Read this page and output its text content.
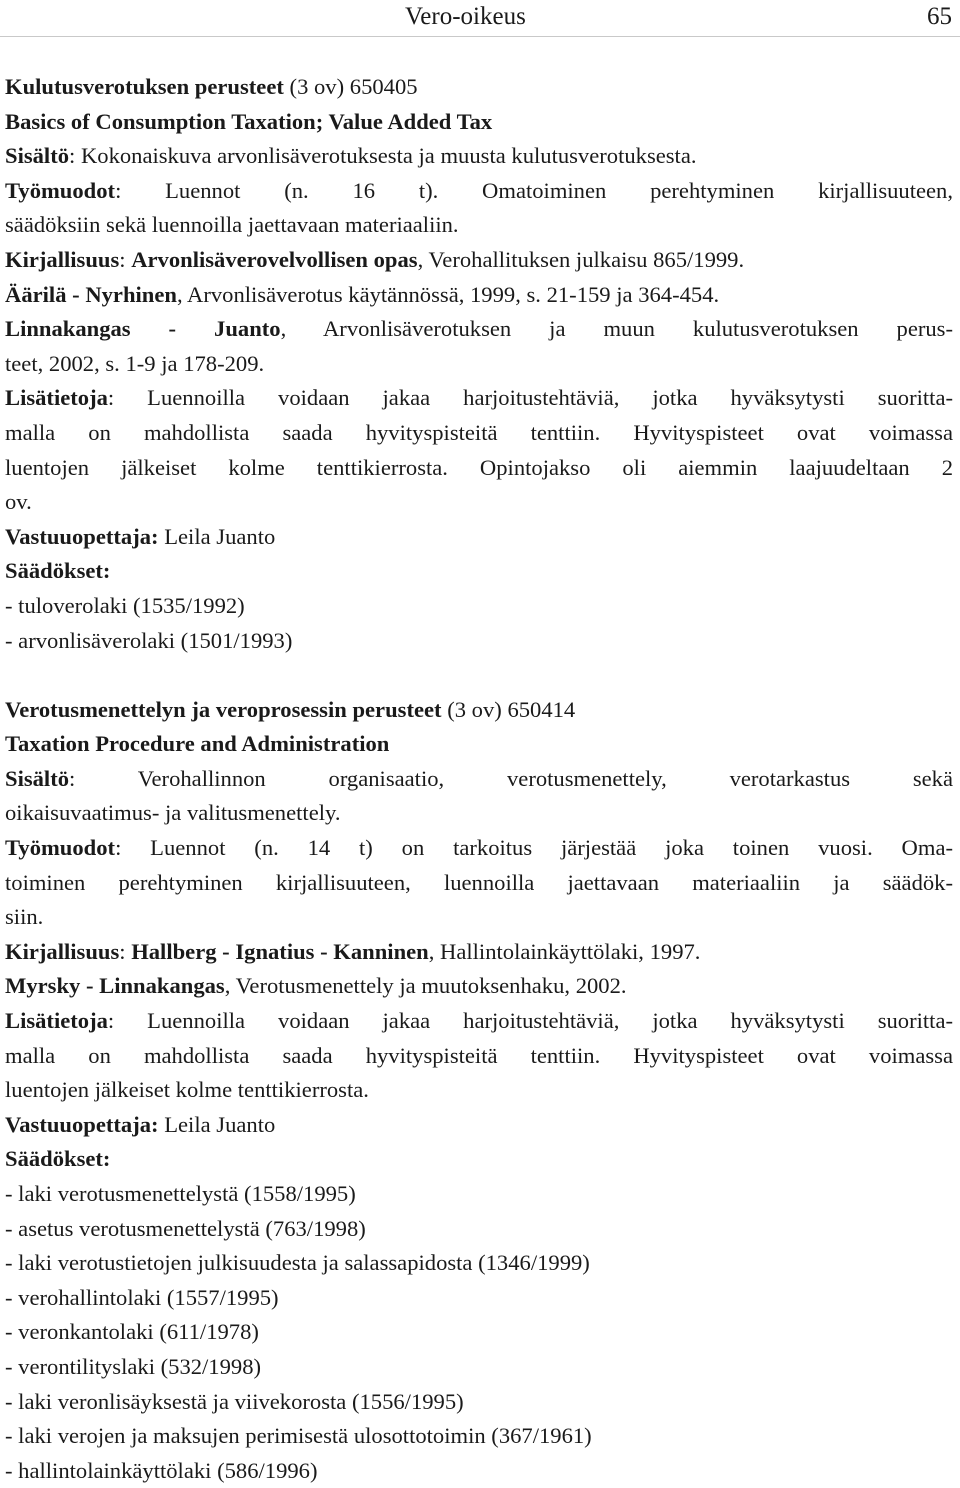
Vero-oikeus	65
Kulutusverotuksen perusteet (3 ov) 650405
Basics of Consumption Taxation; Value Added Tax
Sisältö: Kokonaiskuva arvonlisäverotuksesta ja muusta kulutusverotuksesta.
Työmuodot: Luennot (n. 16 t). Omatoiminen perehtyminen kirjallisuuteen,
säädöksiin sekä luennoilla jaettavaan materiaaliin.
Kirjallisuus: Arvonlisäverovelvollisen opas, Verohallituksen julkaisu 865/1999.
Äärilä - Nyrhinen, Arvonlisäverotus käytännössä, 1999, s. 21-159 ja 364-454.
Linnakangas - Juanto, Arvonlisäverotuksen ja muun kulutusverotuksen perus-
teet, 2002, s. 1-9 ja 178-209.
Lisätietoja: Luennoilla voidaan jakaa harjoitustehtäviä, jotka hyväksytysti suoritta-
malla on mahdollista saada hyvityspisteitä tenttiin. Hyvityspisteet ovat voimassa
luentojen jälkeiset kolme tenttikierrosta. Opintojakso oli aiemmin laajuudeltaan 2
ov.
Vastuuopettaja: Leila Juanto
Säädökset:
- tuloverolaki (1535/1992)
- arvonlisäverolaki (1501/1993)
Verotusmenettelyn ja veroprosessin perusteet (3 ov) 650414
Taxation Procedure and Administration
Sisältö: Verohallinnon organisaatio, verotusmenettely, verotarkastus sekä
oikaisuvaatimus- ja valitusmenettely.
Työmuodot: Luennot (n. 14 t) on tarkoitus järjestää joka toinen vuosi. Oma-
toiminen perehtyminen kirjallisuuteen, luennoilla jaettavaan materiaaliin ja säädök-
siin.
Kirjallisuus: Hallberg - Ignatius - Kanninen, Hallintolainkäyttölaki, 1997.
Myrsky - Linnakangas, Verotusmenettely ja muutoksenhaku, 2002.
Lisätietoja: Luennoilla voidaan jakaa harjoitustehtäviä, jotka hyväksytysti suoritta-
malla on mahdollista saada hyvityspisteitä tenttiin. Hyvityspisteet ovat voimassa
luentojen jälkeiset kolme tenttikierrosta.
Vastuuopettaja: Leila Juanto
Säädökset:
- laki verotusmenettelystä (1558/1995)
- asetus verotusmenettelystä (763/1998)
- laki verotustietojen julkisuudesta ja salassapidosta (1346/1999)
- verohallintolaki (1557/1995)
- veronkantolaki (611/1978)
- verontilityslaki (532/1998)
- laki veronlisäyksestä ja viivekorosta (1556/1995)
- laki verojen ja maksujen perimisestä ulosottotoimin (367/1961)
- hallintolainkäyttölaki (586/1996)
